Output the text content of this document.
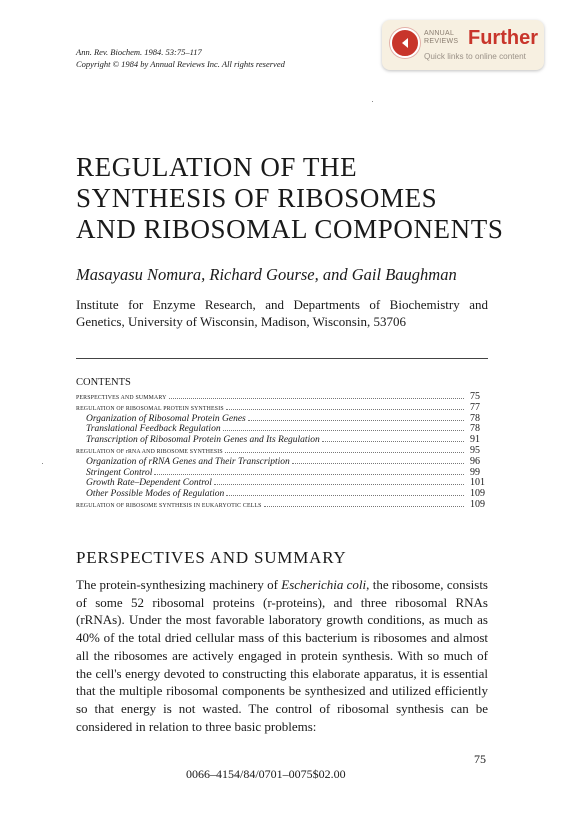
Ann. Rev. Biochem. 1984. 53:75–117
Copyright © 1984 by Annual Reviews Inc. All rights reserved
ANNUAL
REVIEWS Further
Quick links to online content
REGULATION OF THE
SYNTHESIS OF RIBOSOMES
AND RIBOSOMAL COMPONENTS
Masayasu Nomura, Richard Gourse, and Gail Baughman
Institute for Enzyme Research, and Departments of Biochemistry and Genetics, University of Wisconsin, Madison, Wisconsin, 53706
CONTENTS
PERSPECTIVES AND SUMMARY	75
REGULATION OF RIBOSOMAL PROTEIN SYNTHESIS	77
Organization of Ribosomal Protein Genes	78
Translational Feedback Regulation	78
Transcription of Ribosomal Protein Genes and Its Regulation	91
REGULATION OF rRNA AND RIBOSOME SYNTHESIS	95
Organization of rRNA Genes and Their Transcription	96
Stringent Control	99
Growth Rate–Dependent Control	101
Other Possible Modes of Regulation	109
REGULATION OF RIBOSOME SYNTHESIS IN EUKARYOTIC CELLS	109
PERSPECTIVES AND SUMMARY
The protein-synthesizing machinery of Escherichia coli, the ribosome, consists of some 52 ribosomal proteins (r-proteins), and three ribosomal RNAs (rRNAs). Under the most favorable laboratory growth conditions, as much as 40% of the total dried cellular mass of this bacterium is ribosomes and almost all the ribosomes are actively engaged in protein synthesis. With so much of the cell's energy devoted to constructing this elaborate apparatus, it is essential that the multiple ribosomal components be synthesized and utilized efficiently so that energy is not wasted. The control of ribosomal synthesis can be considered in relation to three basic problems:
75
0066–4154/84/0701–0075$02.00
